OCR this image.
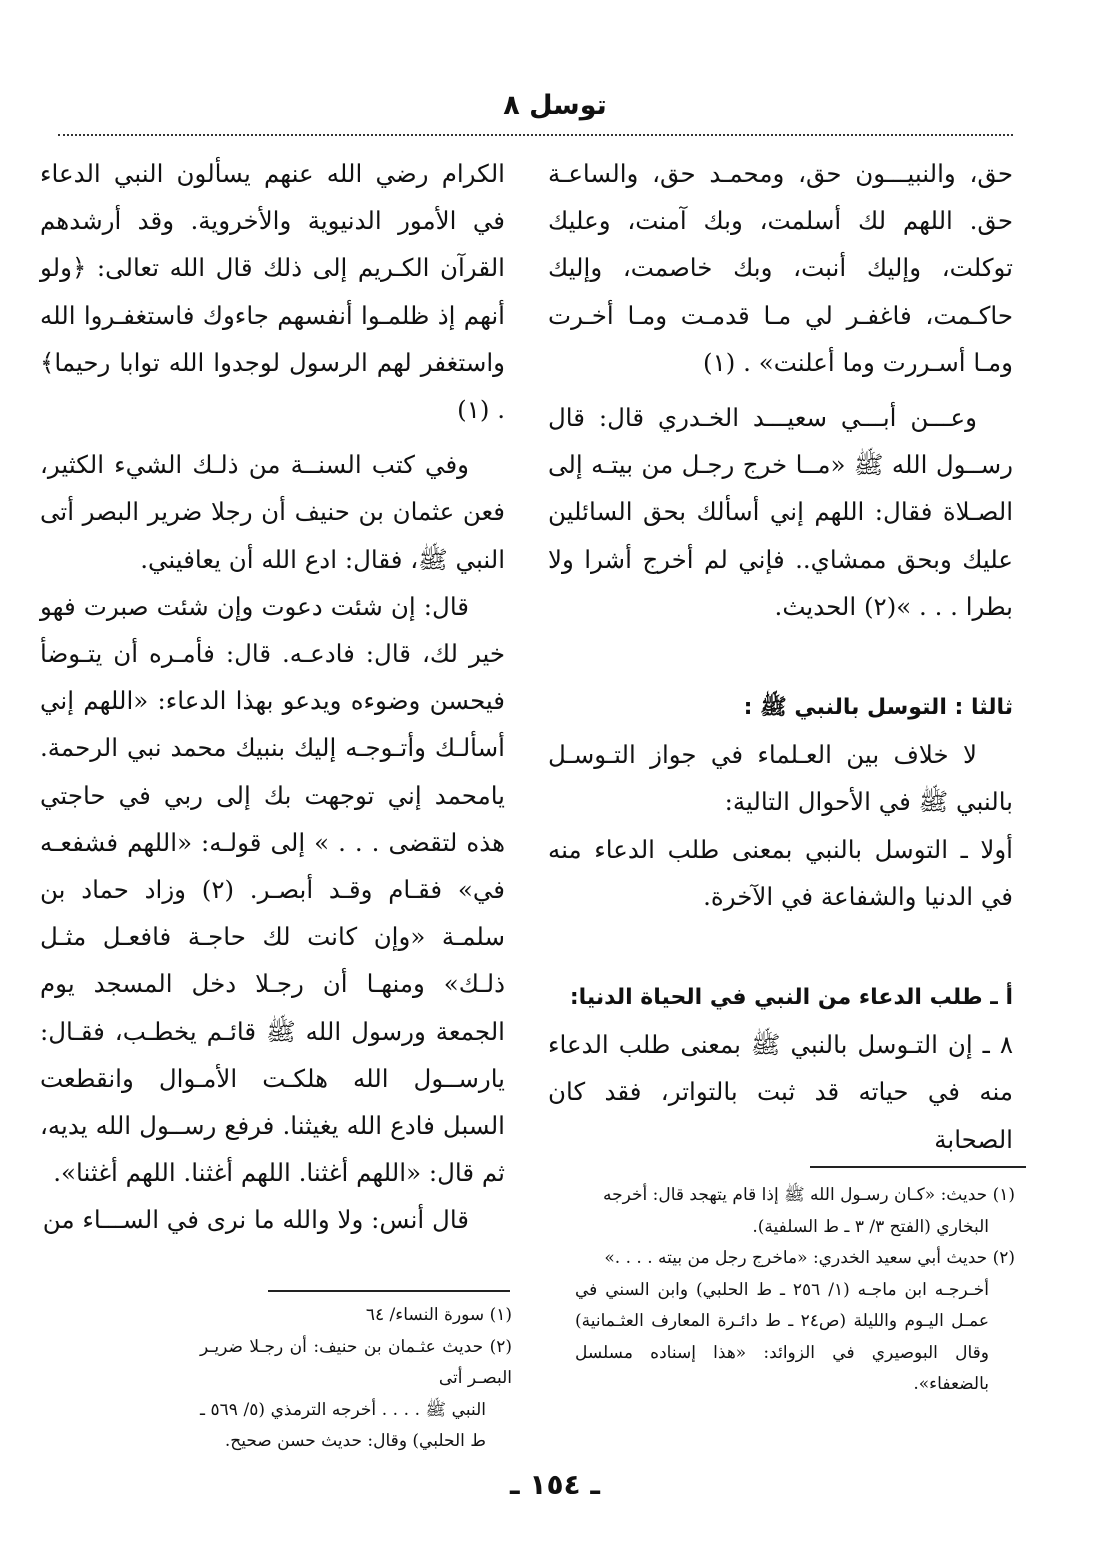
توسل ٨

حق، والنبيـــون حق، ومحمـد حق، والساعـة حق. اللهم لك أسلمت، وبك آمنت، وعليك توكلت، وإليك أنبت، وبك خاصمت، وإليك حاكـمت، فاغفـر لي مـا قدمـت ومـا أخـرت ومـا أسـررت وما أعلنت» . (١)

وعـــن أبـــي سعيـــد الخـدري قال: قال رســول الله ﷺ «مــا خرج رجـل من بيتـه إلى الصـلاة فقال: اللهم إني أسألك بحق السائلين عليك وبحق ممشاي.. فإني لم أخرج أشرا ولا بطرا . . . »(٢) الحديث.

ثالثا : التوسل بالنبي ﷺ :

لا خلاف بين العـلماء في جواز التـوسـل بالنبي ﷺ في الأحوال التالية:

أولا ـ التوسل بالنبي بمعنى طلب الدعاء منه في الدنيا والشفاعة في الآخرة.

أ ـ طلب الدعاء من النبي في الحياة الدنيا:

٨ ـ إن التـوسل بالنبي ﷺ بمعنى طلب الدعاء منه في حياته قد ثبت بالتواتر، فقد كان الصحابة

الكرام رضي الله عنهم يسألون النبي الدعاء في الأمور الدنيوية والأخروية. وقد أرشدهم القرآن الكـريم إلى ذلك قال الله تعالى: ﴿ولو أنهم إذ ظلمـوا أنفسهم جاءوك فاستغفـروا الله واستغفر لهم الرسول لوجدوا الله توابا رحيما﴾ . (١)

وفي كتب السنــة من ذلـك الشيء الكثير، فعن عثمان بن حنيف أن رجلا ضرير البصر أتى النبي ﷺ، فقال: ادع الله أن يعافيني.

قال: إن شئت دعوت وإن شئت صبرت فهو خير لك، قال: فادعـه. قال: فأمـره أن يتـوضأ فيحسن وضوءه ويدعو بهذا الدعاء: «اللهم إني أسألـك وأتـوجـه إليك بنبيك محمد نبي الرحمة. يامحمد إني توجهت بك إلى ربي في حاجتي هذه لتقضى . . . » إلى قولـه: «اللهم فشفعـه في» فقـام وقـد أبصـر. (٢) وزاد حماد بن سلمـة «وإن كانت لك حاجـة فافعـل مثـل ذلـك» ومنهـا أن رجـلا دخل المسجد يوم الجمعة ورسول الله ﷺ قائـم يخطـب، فقـال: يارســول الله هلكـت الأمـوال وانقطعت السبل فادع الله يغيثنا. فرفع رســول الله يديه، ثم قال: «اللهم أغثنا. اللهم أغثنا. اللهم أغثنا».

قال أنس: ولا والله ما نرى في الســـاء من

(١) حديث: «كـان رسـول الله ﷺ إذا قام يتهجد قال: أخرجه

البخاري (الفتح ٣/ ٣ ـ ط السلفية).

(٢) حديث أبي سعيد الخدري: «ماخرج رجل من بيته . . . .»

أخـرجـه ابن ماجـه (١/ ٢٥٦ ـ ط الحلبي) وابن السني في عمـل اليـوم والليلة (ص٢٤ ـ ط دائـرة المعارف العثـمانية) وقال البوصيري في الزوائد: «هذا إسناده مسلسل بالضعفاء».

(١) سورة النساء/ ٦٤

(٢) حديث عثـمان بن حنيف: أن رجـلا ضريـر البصـر أتى

النبي ﷺ . . . . أخرجه الترمذي (٥/ ٥٦٩ ـ ط الحلبي) وقال: حديث حسن صحيح.

ـ ١٥٤ ـ
